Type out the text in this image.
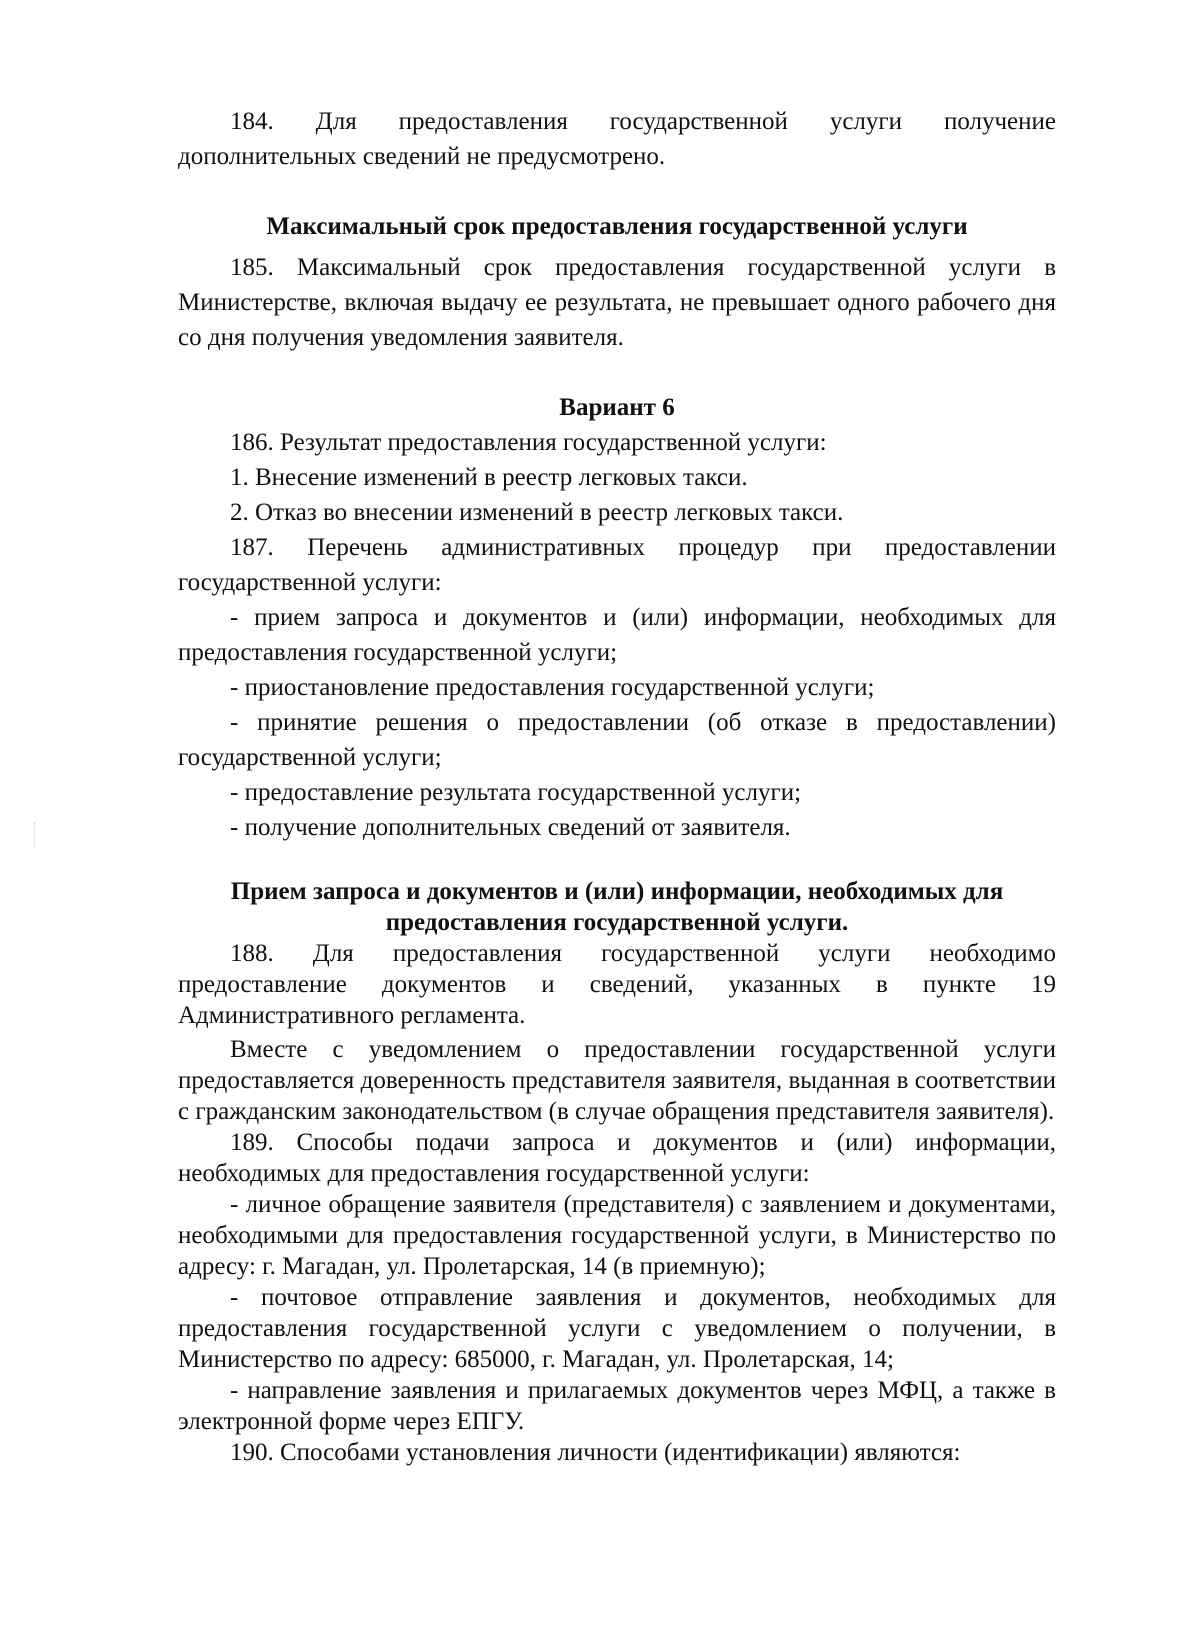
184. Для предоставления государственной услуги получение дополнительных сведений не предусмотрено.

Максимальный срок предоставления государственной услуги

185. Максимальный срок предоставления государственной услуги в Министерстве, включая выдачу ее результата, не превышает одного рабочего дня со дня получения уведомления заявителя.

Вариант 6

186. Результат предоставления государственной услуги:

1. Внесение изменений в реестр легковых такси.

2. Отказ во внесении изменений в реестр легковых такси.

187. Перечень административных процедур при предоставлении государственной услуги:

- прием запроса и документов и (или) информации, необходимых для предоставления государственной услуги;

- приостановление предоставления государственной услуги;

- принятие решения о предоставлении (об отказе в предоставлении) государственной услуги;

- предоставление результата государственной услуги;

- получение дополнительных сведений от заявителя.

Прием запроса и документов и (или) информации, необходимых для предоставления государственной услуги.

188. Для предоставления государственной услуги необходимо предоставление документов и сведений, указанных в пункте 19 Административного регламента.

Вместе с уведомлением о предоставлении государственной услуги предоставляется доверенность представителя заявителя, выданная в соответствии с гражданским законодательством (в случае обращения представителя заявителя).

189. Способы подачи запроса и документов и (или) информации, необходимых для предоставления государственной услуги:

- личное обращение заявителя (представителя) с заявлением и документами, необходимыми для предоставления государственной услуги, в Министерство по адресу: г. Магадан, ул. Пролетарская, 14 (в приемную);

- почтовое отправление заявления и документов, необходимых для предоставления государственной услуги с уведомлением о получении, в Министерство по адресу: 685000, г. Магадан, ул. Пролетарская, 14;

- направление заявления и прилагаемых документов через МФЦ, а также в электронной форме через ЕПГУ.

190. Способами установления личности (идентификации) являются:
